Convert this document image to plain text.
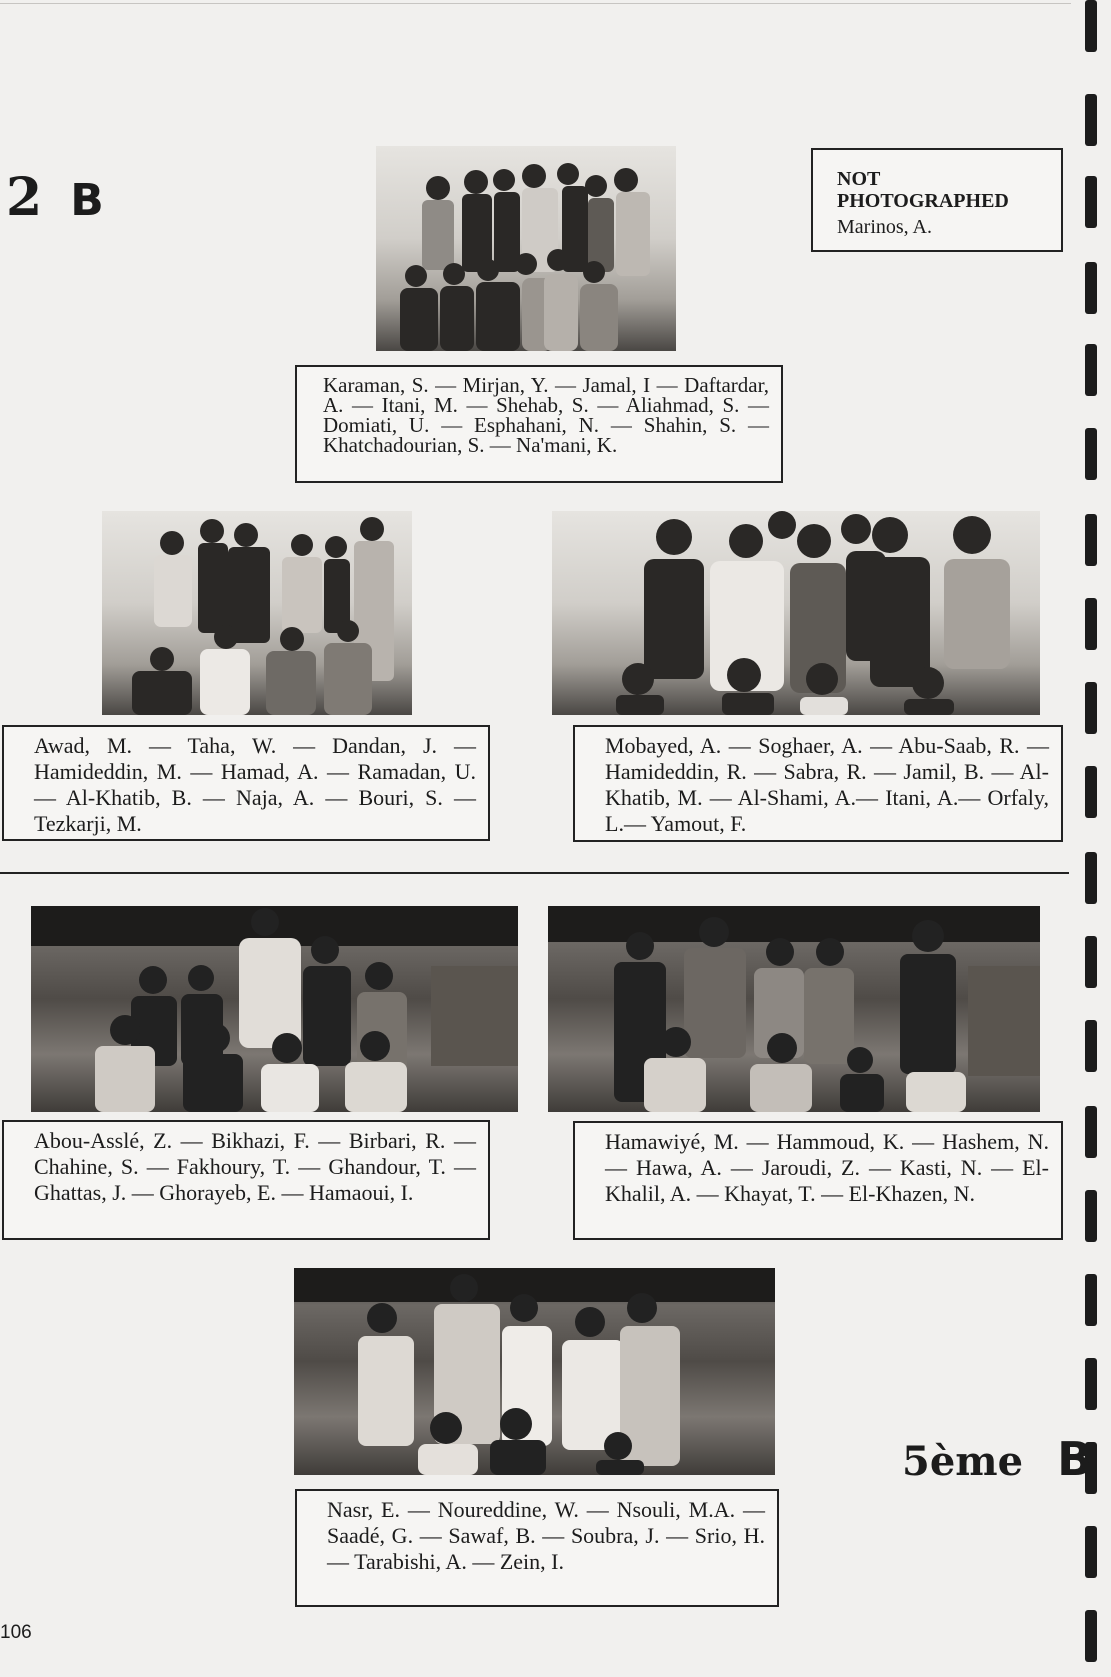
2 B	NOT PHOTOGRAPHED
Marinos, A.
Karaman, S. — Mirjan, Y. — Jamal, I — Daftardar, A. — Itani, M. — Shehab, S. — Aliahmad, S. — Domiati, U. — Esphahani, N. — Shahin, S. — Khatchadourian, S. — Na'mani, K.
Awad, M. — Taha, W. — Dandan, J. — Hamideddin, M. — Hamad, A. — Ramadan, U. — Al-Khatib, B. — Naja, A. — Bouri, S. — Tezkarji, M.
Mobayed, A. — Soghaer, A. — Abu-Saab, R. — Hamideddin, R. — Sabra, R. — Jamil, B. — Al-Khatib, M. — Al-Shami, A.— Itani, A.— Orfaly, L.— Yamout, F.
Abou-Asslé, Z. — Bikhazi, F. — Birbari, R. — Chahine, S. — Fakhoury, T. — Ghandour, T. — Ghattas, J. — Ghorayeb, E. — Hamaoui, I.
Hamawiyé, M. — Hammoud, K. — Hashem, N. — Hawa, A. — Jaroudi, Z. — Kasti, N. — El-Khalil, A. — Khayat, T. — El-Khazen, N.
Nasr, E. — Noureddine, W. — Nsouli, M.A. — Saadé, G. — Sawaf, B. — Soubra, J. — Srio, H. — Tarabishi, A. — Zein, I.
5ème B
106
